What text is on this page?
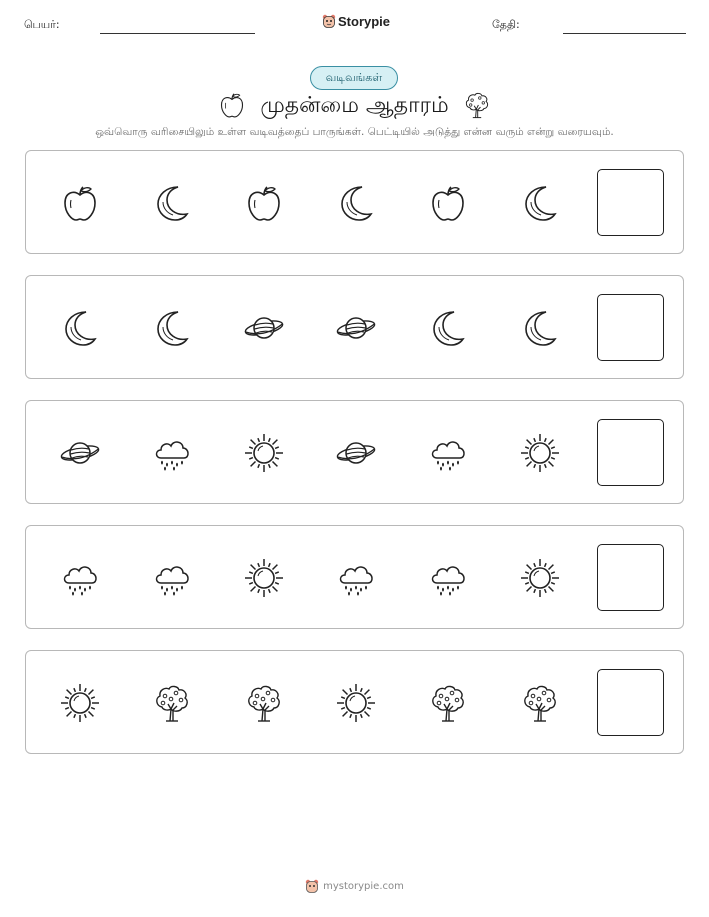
பெயர்:	Storypie	தேதி:
வடிவங்கள்
முதன்மை ஆதாரம்
ஒவ்வொரு வரிசையிலும் உள்ள வடிவத்தைப் பாருங்கள். பெட்டியில் அடுத்து என்ன வரும் என்று வரையவும்.
mystorypie.com
